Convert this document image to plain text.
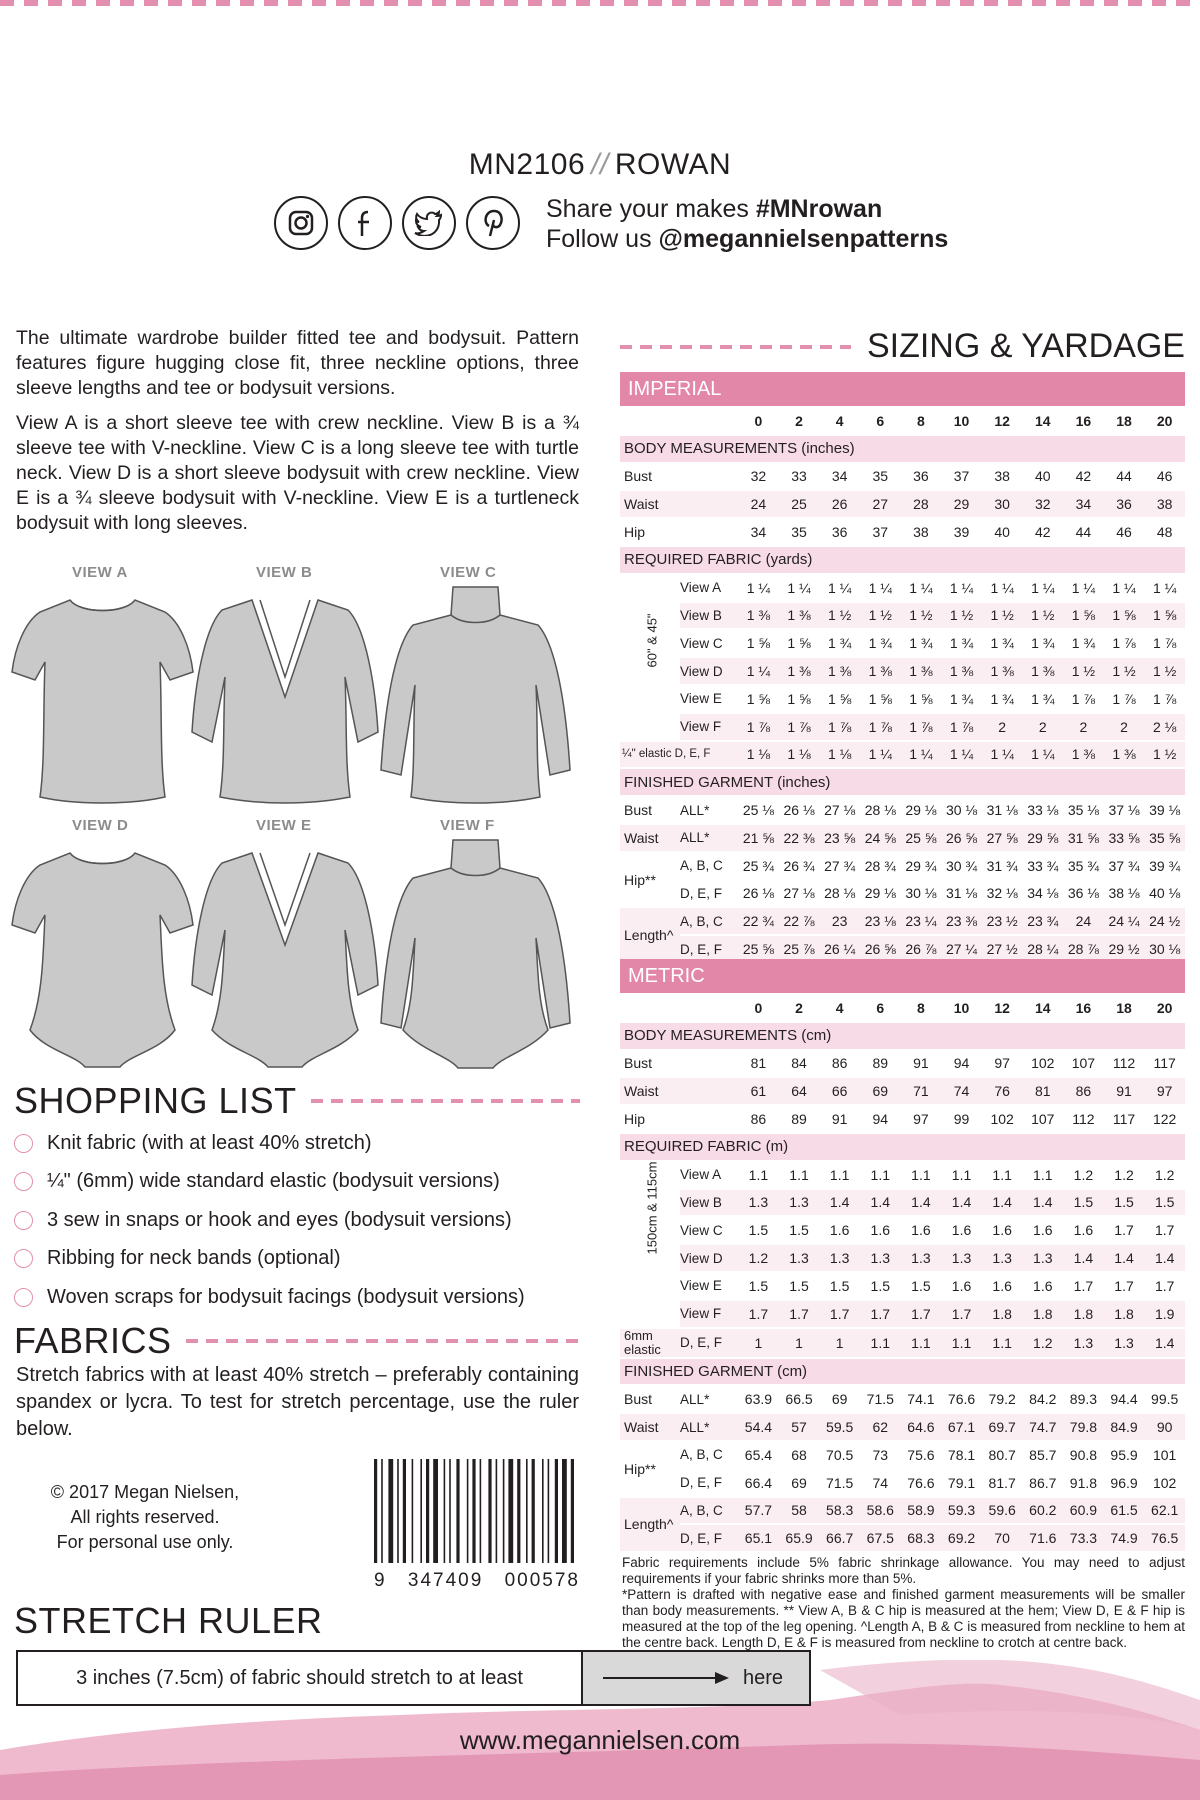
MN2106 // ROWAN
Share your makes #MNrowan
Follow us @megannielsenpatterns

The ultimate wardrobe builder fitted tee and bodysuit. Pattern features figure hugging close fit, three neckline options, three sleeve lengths and tee or bodysuit versions.

View A is a short sleeve tee with crew neckline. View B is a ¾ sleeve tee with V-neckline. View C is a long sleeve tee with turtle neck. View D is a short sleeve bodysuit with crew neckline. View E is a ¾ sleeve bodysuit with V-neckline. View E is a turtleneck bodysuit with long sleeves.

VIEW A	VIEW B	VIEW C
VIEW D	VIEW E	VIEW F
SHOPPING LIST
Knit fabric (with at least 40% stretch)
¼" (6mm) wide standard elastic (bodysuit versions)
3 sew in snaps or hook and eyes (bodysuit versions)
Ribbing for neck bands (optional)
Woven scraps for bodysuit facings (bodysuit versions)
FABRICS
Stretch fabrics with at least 40% stretch – preferably containing spandex or lycra. To test for stretch percentage, use the ruler below.
© 2017 Megan Nielsen,
All rights reserved.
For personal use only.
9 347409 000578
STRETCH RULER
3 inches (7.5cm) of fabric should stretch to at least	here
www.megannielsen.com
SIZING & YARDAGE
IMPERIAL												
		0	2	4	6	8	10	12	14	16	18	20
BODY MEASUREMENTS (inches)												
Bust		32	33	34	35	36	37	38	40	42	44	46
Waist		24	25	26	27	28	29	30	32	34	36	38
Hip		34	35	36	37	38	39	40	42	44	46	48
REQUIRED FABRIC (yards)												

60" & 45"	View A	1 ¼	1 ¼	1 ¼	1 ¼	1 ¼	1 ¼	1 ¼	1 ¼	1 ¼	1 ¼	1 ¼
	View B	1 ⅜	1 ⅜	1 ½	1 ½	1 ½	1 ½	1 ½	1 ½	1 ⅝	1 ⅝	1 ⅝
	View C	1 ⅝	1 ⅝	1 ¾	1 ¾	1 ¾	1 ¾	1 ¾	1 ¾	1 ¾	1 ⅞	1 ⅞
	View D	1 ¼	1 ⅜	1 ⅜	1 ⅜	1 ⅜	1 ⅜	1 ⅜	1 ⅜	1 ½	1 ½	1 ½
	View E	1 ⅝	1 ⅝	1 ⅝	1 ⅝	1 ⅝	1 ¾	1 ¾	1 ¾	1 ⅞	1 ⅞	1 ⅞
	View F	1 ⅞	1 ⅞	1 ⅞	1 ⅞	1 ⅞	1 ⅞	2	2	2	2	2 ⅛
¼" elastic D, E, F		1 ⅛	1 ⅛	1 ⅛	1 ¼	1 ¼	1 ¼	1 ¼	1 ¼	1 ⅜	1 ⅜	1 ½
FINISHED GARMENT (inches)												
Bust	ALL*	25 ⅛	26 ⅛	27 ⅛	28 ⅛	29 ⅛	30 ⅛	31 ⅛	33 ⅛	35 ⅛	37 ⅛	39 ⅛
Waist	ALL*	21 ⅝	22 ⅜	23 ⅝	24 ⅝	25 ⅝	26 ⅝	27 ⅝	29 ⅝	31 ⅝	33 ⅝	35 ⅝
Hip**	A, B, C	25 ¾	26 ¾	27 ¾	28 ¾	29 ¾	30 ¾	31 ¾	33 ¾	35 ¾	37 ¾	39 ¾
	D, E, F	26 ⅛	27 ⅛	28 ⅛	29 ⅛	30 ⅛	31 ⅛	32 ⅛	34 ⅛	36 ⅛	38 ⅛	40 ⅛
Length^	A, B, C	22 ¾	22 ⅞	23	23 ⅛	23 ¼	23 ⅜	23 ½	23 ¾	24	24 ¼	24 ½
	D, E, F	25 ⅝	25 ⅞	26 ¼	26 ⅝	26 ⅞	27 ¼	27 ½	28 ¼	28 ⅞	29 ½	30 ⅛
METRIC												
		0	2	4	6	8	10	12	14	16	18	20
BODY MEASUREMENTS (cm)												
Bust		81	84	86	89	91	94	97	102	107	112	117
Waist		61	64	66	69	71	74	76	81	86	91	97
Hip		86	89	91	94	97	99	102	107	112	117	122
REQUIRED FABRIC (m)												

150cm & 115cm	View A	1.1	1.1	1.1	1.1	1.1	1.1	1.1	1.1	1.2	1.2	1.2
	View B	1.3	1.3	1.4	1.4	1.4	1.4	1.4	1.4	1.5	1.5	1.5
	View C	1.5	1.5	1.6	1.6	1.6	1.6	1.6	1.6	1.6	1.7	1.7
	View D	1.2	1.3	1.3	1.3	1.3	1.3	1.3	1.3	1.4	1.4	1.4
	View E	1.5	1.5	1.5	1.5	1.5	1.6	1.6	1.6	1.7	1.7	1.7
	View F	1.7	1.7	1.7	1.7	1.7	1.7	1.8	1.8	1.8	1.8	1.9

6mm elastic	D, E, F	1	1	1	1.1	1.1	1.1	1.1	1.2	1.3	1.3	1.4
FINISHED GARMENT (cm)												
Bust	ALL*	63.9	66.5	69	71.5	74.1	76.6	79.2	84.2	89.3	94.4	99.5
Waist	ALL*	54.4	57	59.5	62	64.6	67.1	69.7	74.7	79.8	84.9	90
Hip**	A, B, C	65.4	68	70.5	73	75.6	78.1	80.7	85.7	90.8	95.9	101
	D, E, F	66.4	69	71.5	74	76.6	79.1	81.7	86.7	91.8	96.9	102
Length^	A, B, C	57.7	58	58.3	58.6	58.9	59.3	59.6	60.2	60.9	61.5	62.1
	D, E, F	65.1	65.9	66.7	67.5	68.3	69.2	70	71.6	73.3	74.9	76.5

Fabric requirements include 5% fabric shrinkage allowance. You may need to adjust requirements if your fabric shrinks more than 5%.

*Pattern is drafted with negative ease and finished garment measurements will be smaller than body measurements. ** View A, B & C hip is measured at the hem; View D, E & F hip is measured at the top of the leg opening. ^Length A, B & C is measured from neckline to hem at the centre back. Length D, E & F is measured from neckline to crotch at centre back.
